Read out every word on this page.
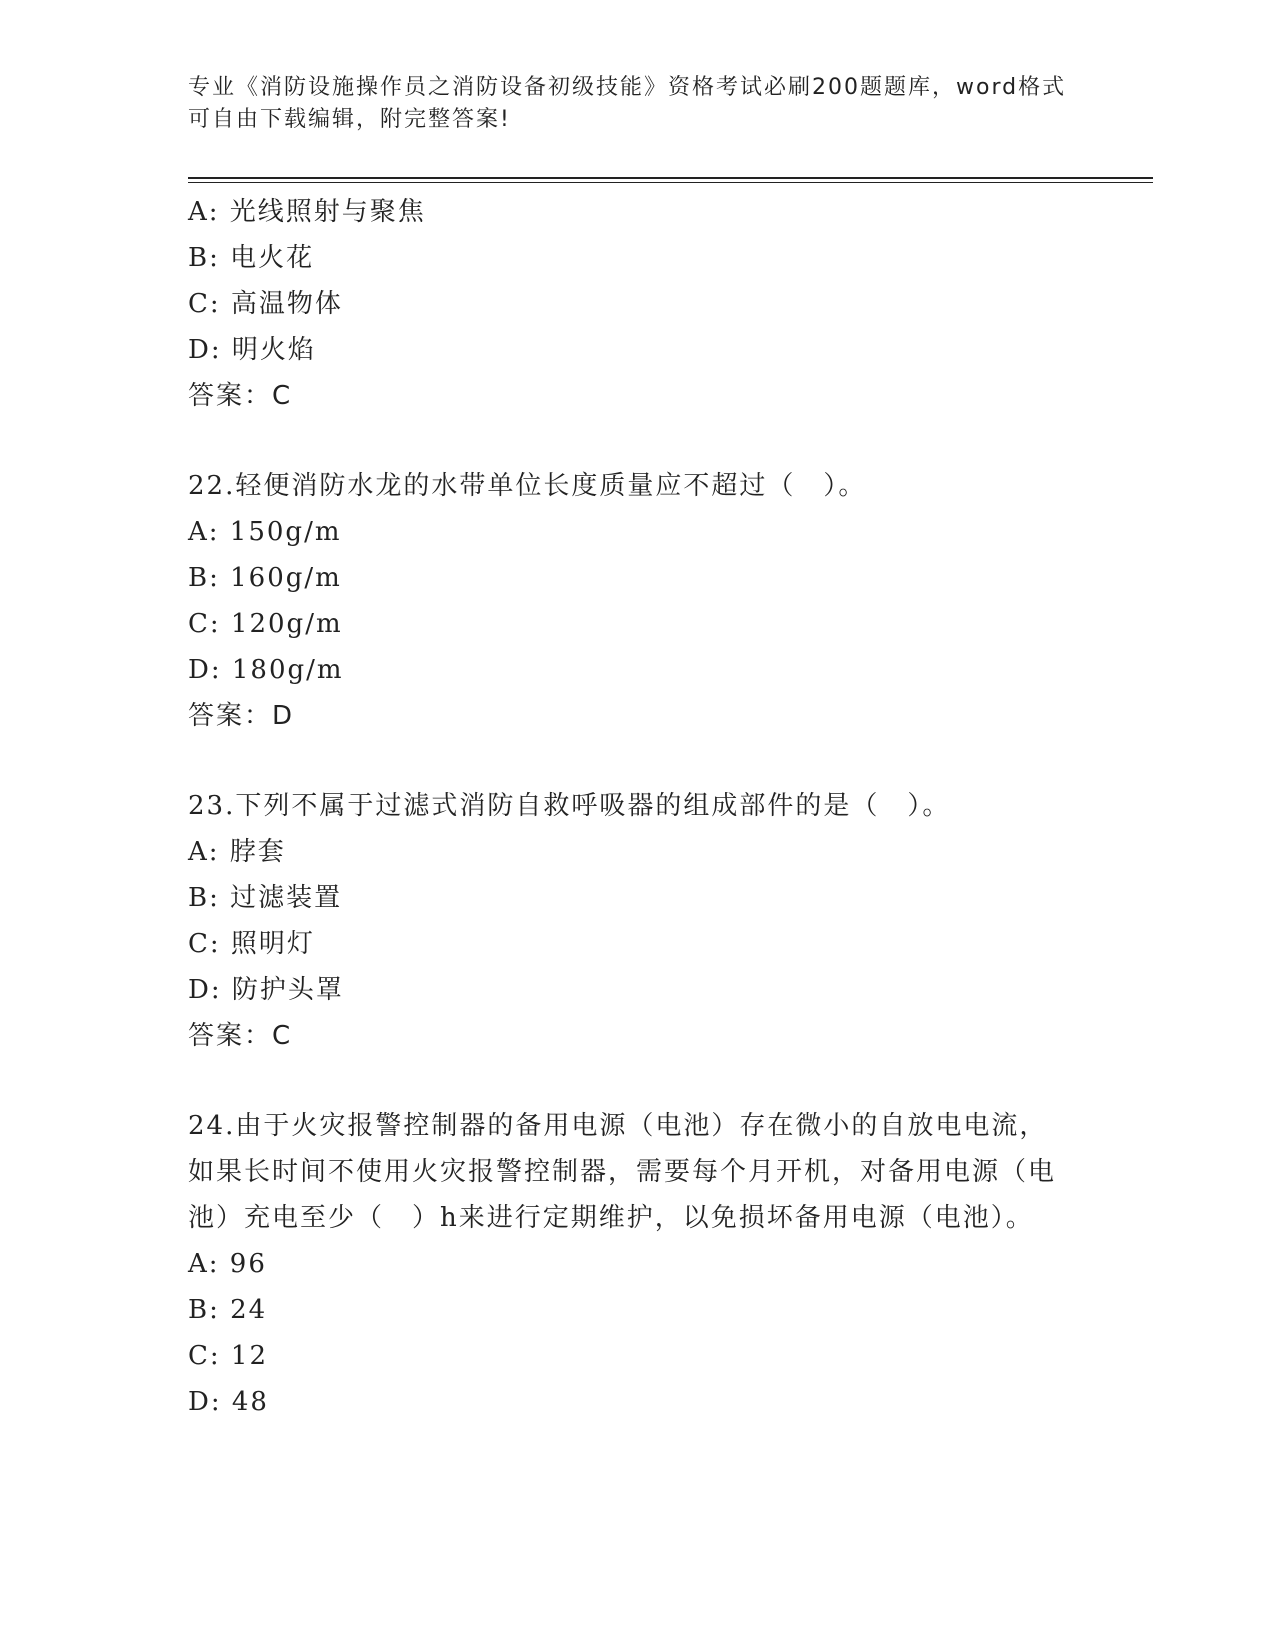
专业《消防设施操作员之消防设备初级技能》资格考试必刷200题题库，word格式可自由下载编辑，附完整答案!
A: 光线照射与聚焦
B: 电火花
C: 高温物体
D: 明火焰
答案：C
22.轻便消防水龙的水带单位长度质量应不超过（　）。
A: 150g/m
B: 160g/m
C: 120g/m
D: 180g/m
答案：D
23.下列不属于过滤式消防自救呼吸器的组成部件的是（　）。
A: 脖套
B: 过滤装置
C: 照明灯
D: 防护头罩
答案：C
24.由于火灾报警控制器的备用电源（电池）存在微小的自放电电流，如果长时间不使用火灾报警控制器，需要每个月开机，对备用电源（电池）充电至少（　）h来进行定期维护，以免损坏备用电源（电池）。
A: 96
B: 24
C: 12
D: 48
